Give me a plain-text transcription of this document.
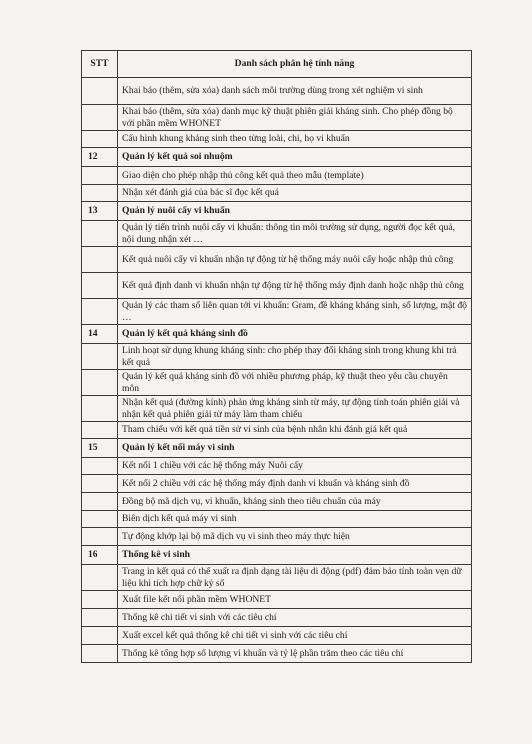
STT	Danh sách phân hệ tính năng
	Khai báo (thêm, sửa xóa) danh sách môi trường dùng trong xét nghiệm vi sinh
	Khai báo (thêm, sửa xóa) danh mục kỹ thuật phiên giải kháng sinh. Cho phép đồng bộ với phần mềm WHONET
	Cấu hình khung kháng sinh theo từng loài, chi, họ vi khuẩn
12	Quản lý kết quả soi nhuộm
	Giao diện cho phép nhập thủ công kết quả theo mẫu (template)
	Nhận xét đánh giá của bác sĩ đọc kết quả
13	Quản lý nuôi cấy vi khuẩn
	Quản lý tiến trình nuôi cấy vi khuẩn: thông tin môi trường sử dụng, người đọc kết quả, nội dung nhận xét …
	Kết quả nuôi cấy vi khuẩn nhận tự động từ hệ thống máy nuôi cấy hoặc nhập thủ công
	Kết quả định danh vi khuẩn nhận tự động từ hệ thống máy định danh hoặc nhập thủ công
	Quản lý các tham số liên quan tới vi khuẩn: Gram, đề kháng kháng sinh, số lượng, mật độ …
14	Quản lý kết quả kháng sinh đồ
	Linh hoạt sử dụng khung kháng sinh: cho phép thay đổi kháng sinh trong khung khi trả kết quả
	Quản lý kết quả kháng sinh đồ với nhiều phương pháp, kỹ thuật theo yêu cầu chuyên môn
	Nhận kết quả (đường kính) phản ứng kháng sinh từ máy, tự động tính toán phiên giải và nhận kết quả phiên giải từ máy làm tham chiếu
	Tham chiếu với kết quả tiền sử vi sinh của bệnh nhân khi đánh giá kết quả
15	Quản lý kết nối máy vi sinh
	Kết nối 1 chiều với các hệ thống máy Nuôi cấy
	Kết nối 2 chiều với các hệ thống máy định danh vi khuẩn và kháng sinh đồ
	Đồng bộ mã dịch vụ, vi khuẩn, kháng sinh theo tiêu chuẩn của máy
	Biên dịch kết quả máy vi sinh
	Tự động khớp lại bộ mã dịch vụ vi sinh theo máy thực hiện
16	Thống kê vi sinh
	Trang in kết quả có thể xuất ra định dạng tài liệu di động (pdf) đảm bảo tính toàn vẹn dữ liệu khi tích hợp chữ ký số
	Xuất file kết nối phần mềm WHONET
	Thống kê chi tiết vi sinh với các tiêu chí
	Xuất excel kết quả thống kê chi tiết vi sinh với các tiêu chí
	Thống kê tổng hợp số lượng vi khuẩn và tỷ lệ phần trăm theo các tiêu chí
